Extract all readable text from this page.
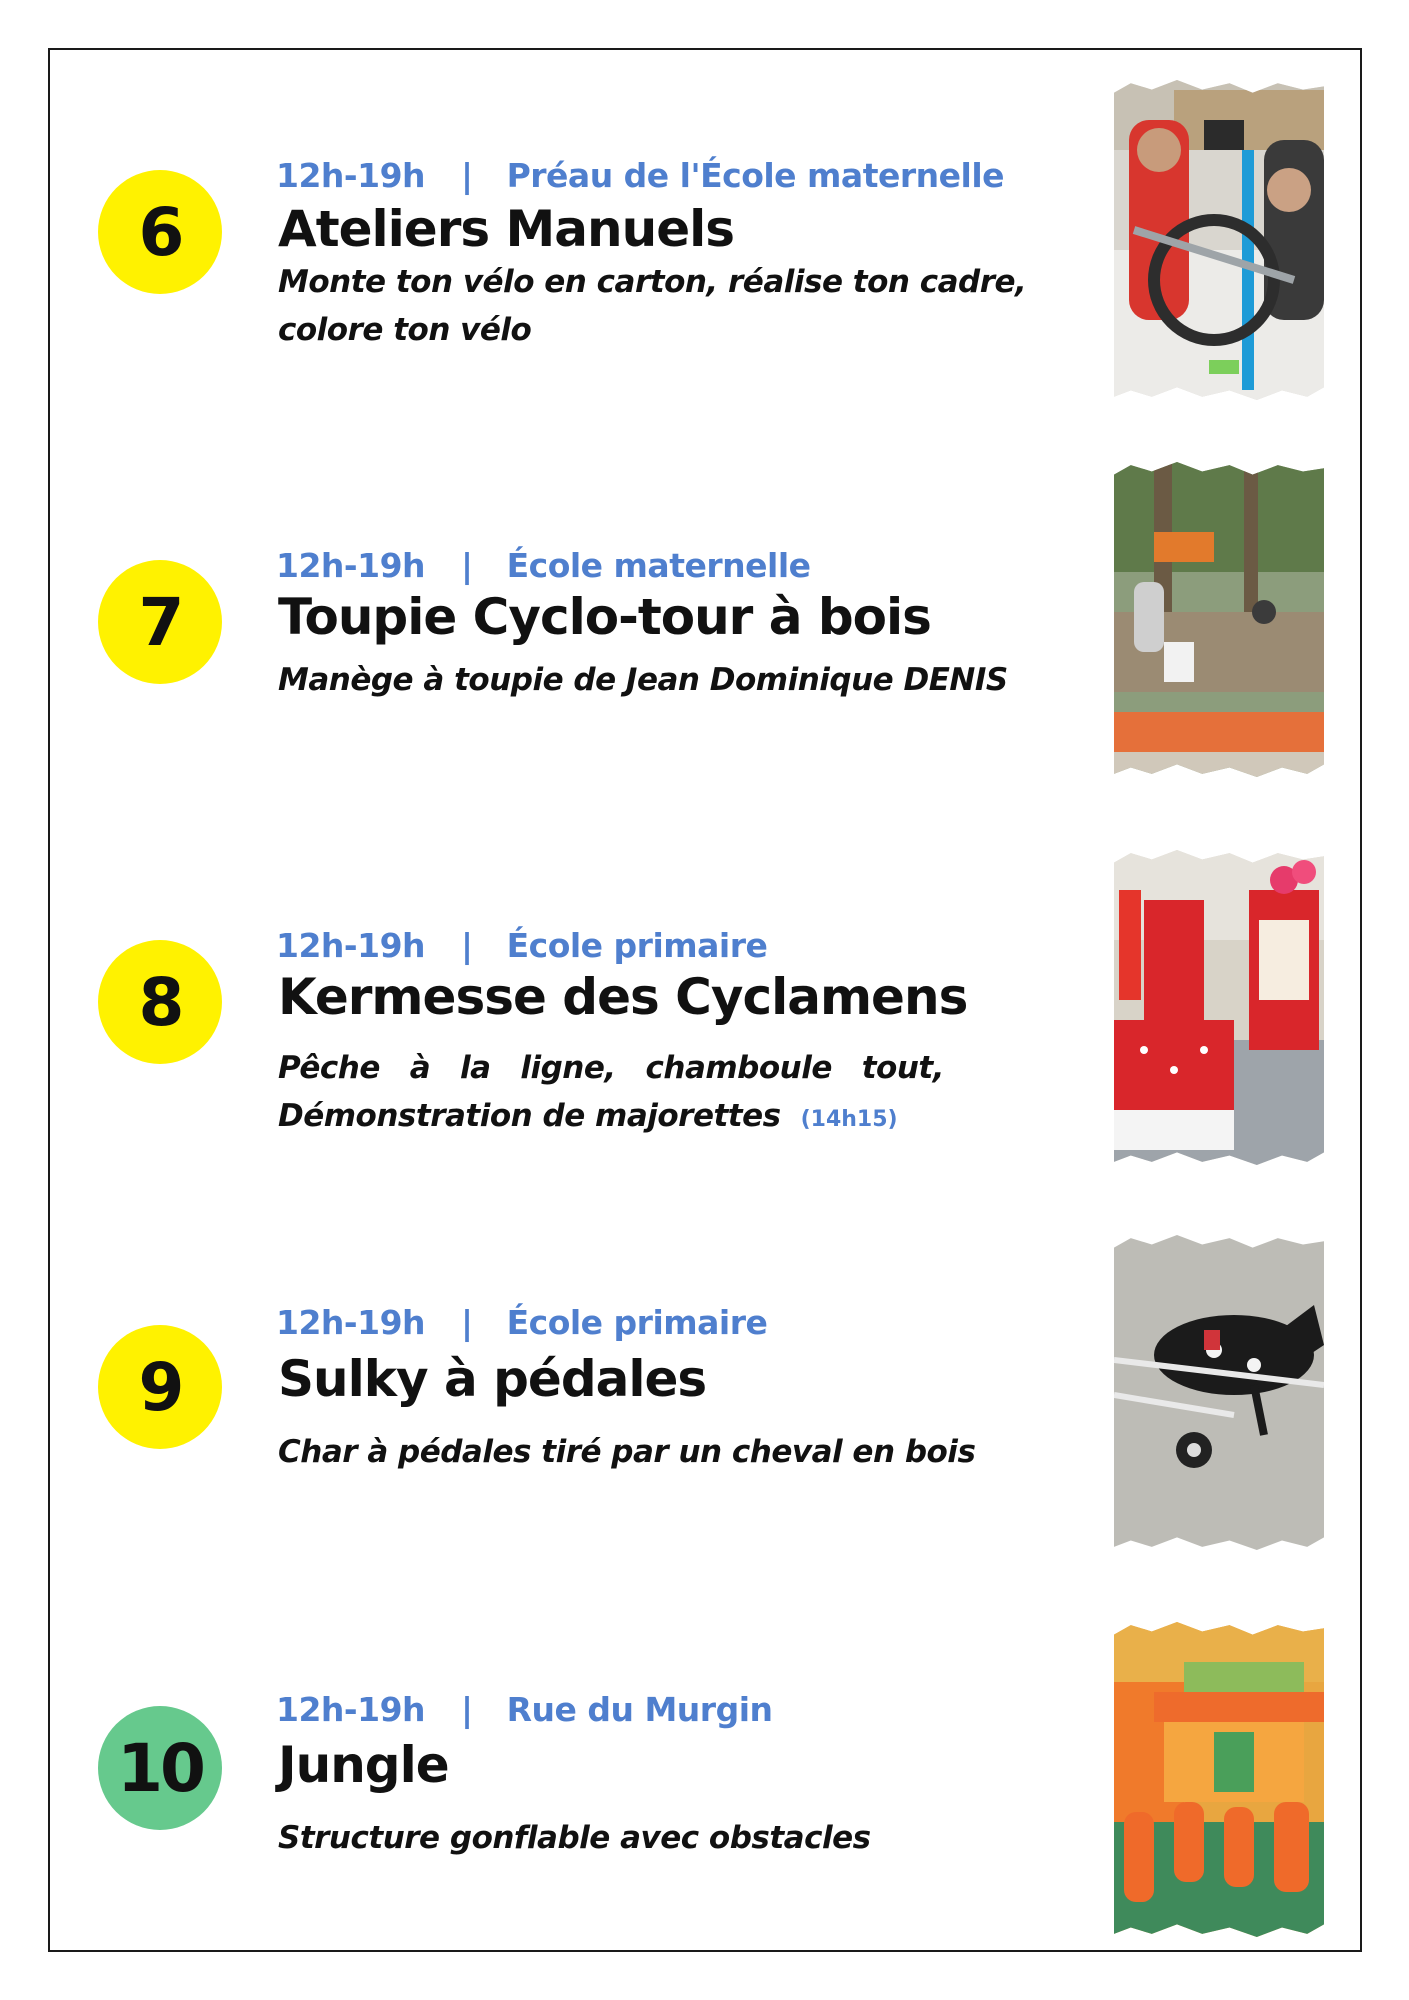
6
12h-19h | Préau de l'École maternelle
Ateliers Manuels
Monte ton vélo en carton, réalise ton cadre,
colore ton vélo
7
12h-19h | École maternelle
Toupie Cyclo-tour à bois
Manège à toupie de Jean Dominique DENIS
8
12h-19h | École primaire
Kermesse des Cyclamens
Pêche à la ligne, chamboule tout,
Démonstration de majorettes (14h15)
9
12h-19h | École primaire
Sulky à pédales
Char à pédales tiré par un cheval en bois
10
12h-19h | Rue du Murgin
Jungle
Structure gonflable avec obstacles
